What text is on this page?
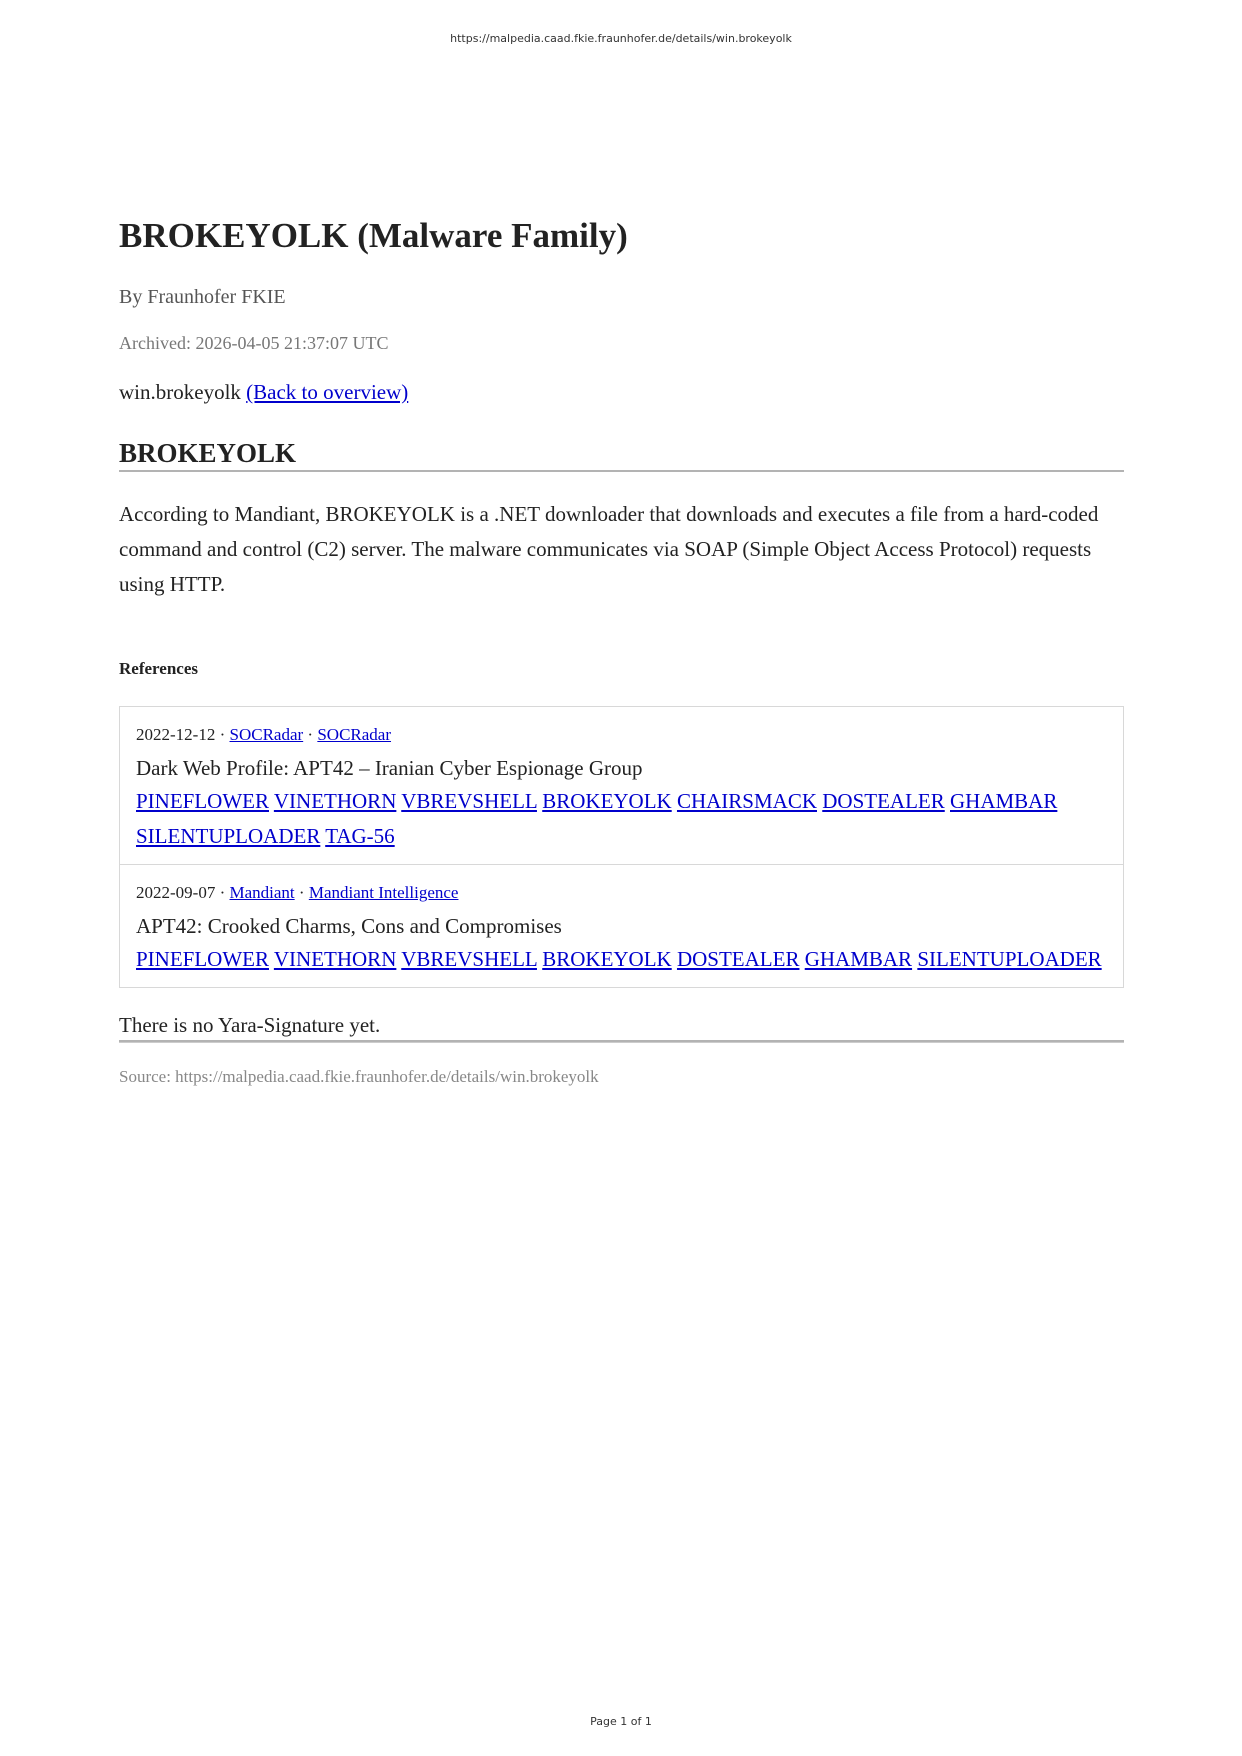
https://malpedia.caad.fkie.fraunhofer.de/details/win.brokeyolk
BROKEYOLK (Malware Family)
By Fraunhofer FKIE
Archived: 2026-04-05 21:37:07 UTC
win.brokeyolk (Back to overview)
BROKEYOLK
According to Mandiant, BROKEYOLK is a .NET downloader that downloads and executes a file from a hard-coded command and control (C2) server. The malware communicates via SOAP (Simple Object Access Protocol) requests using HTTP.
References
2022-12-12 · SOCRadar · SOCRadar
Dark Web Profile: APT42 – Iranian Cyber Espionage Group
PINEFLOWER VINETHORN VBREVSHELL BROKEYOLK CHAIRSMACK DOSTEALER GHAMBAR SILENTUPLOADER TAG-56
2022-09-07 · Mandiant · Mandiant Intelligence
APT42: Crooked Charms, Cons and Compromises
PINEFLOWER VINETHORN VBREVSHELL BROKEYOLK DOSTEALER GHAMBAR SILENTUPLOADER
There is no Yara-Signature yet.
Source: https://malpedia.caad.fkie.fraunhofer.de/details/win.brokeyolk
Page 1 of 1
